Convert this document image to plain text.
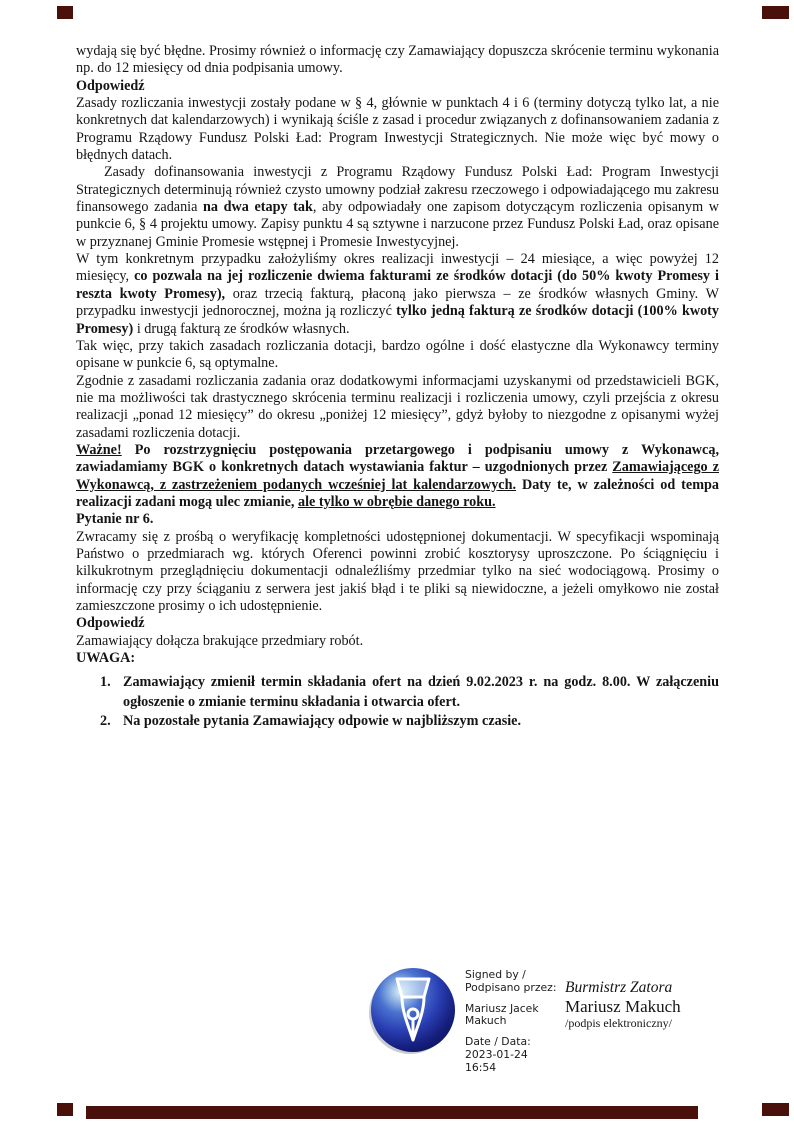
wydają się być błędne. Prosimy również o informację czy Zamawiający dopuszcza skrócenie terminu wykonania np. do 12 miesięcy od dnia podpisania umowy.

Odpowiedź

Zasady rozliczania inwestycji zostały podane w § 4, głównie w punktach 4 i 6 (terminy dotyczą tylko lat, a nie konkretnych dat kalendarzowych) i wynikają ściśle z zasad i procedur związanych z dofinansowaniem zadania z Programu Rządowy Fundusz Polski Ład: Program Inwestycji Strategicznych. Nie może więc być mowy o błędnych datach.

Zasady dofinansowania inwestycji z Programu Rządowy Fundusz Polski Ład: Program Inwestycji Strategicznych determinują również czysto umowny podział zakresu rzeczowego i odpowiadającego mu zakresu finansowego zadania na dwa etapy tak, aby odpowiadały one zapisom dotyczącym rozliczenia opisanym w punkcie 6, § 4 projektu umowy. Zapisy punktu 4 są sztywne i narzucone przez Fundusz Polski Ład, oraz opisane w przyznanej Gminie Promesie wstępnej i Promesie Inwestycyjnej.

W tym konkretnym przypadku założyliśmy okres realizacji inwestycji – 24 miesiące, a więc powyżej 12 miesięcy, co pozwala na jej rozliczenie dwiema fakturami ze środków dotacji (do 50% kwoty Promesy i reszta kwoty Promesy), oraz trzecią fakturą, płaconą jako pierwsza – ze środków własnych Gminy. W przypadku inwestycji jednorocznej, można ją rozliczyć tylko jedną fakturą ze środków dotacji (100% kwoty Promesy) i drugą fakturą ze środków własnych.

Tak więc, przy takich zasadach rozliczania dotacji, bardzo ogólne i dość elastyczne dla Wykonawcy terminy opisane w punkcie 6, są optymalne.

Zgodnie z zasadami rozliczania zadania oraz dodatkowymi informacjami uzyskanymi od przedstawicieli BGK, nie ma możliwości tak drastycznego skrócenia terminu realizacji i rozliczenia umowy, czyli przejścia z okresu realizacji „ponad 12 miesięcy” do okresu „poniżej 12 miesięcy”, gdyż byłoby to niezgodne z opisanymi wyżej zasadami rozliczenia dotacji.

Ważne! Po rozstrzygnięciu postępowania przetargowego i podpisaniu umowy z Wykonawcą, zawiadamiamy BGK o konkretnych datach wystawiania faktur – uzgodnionych przez Zamawiającego z Wykonawcą, z zastrzeżeniem podanych wcześniej lat kalendarzowych. Daty te, w zależności od tempa realizacji zadani mogą ulec zmianie, ale tylko w obrębie danego roku.

Pytanie nr 6.

Zwracamy się z prośbą o weryfikację kompletności udostępnionej dokumentacji. W specyfikacji wspominają Państwo o przedmiarach wg. których Oferenci powinni zrobić kosztorysy uproszczone. Po ściągnięciu i kilkukrotnym przeglądnięciu dokumentacji odnaleźliśmy przedmiar tylko na sieć wodociągową. Prosimy o informację czy przy ściąganiu z serwera jest jakiś błąd i te pliki są niewidoczne, a jeżeli omyłkowo nie został zamieszczone prosimy o ich udostępnienie.

Odpowiedź

Zamawiający dołącza brakujące przedmiary robót.

UWAGA:

1. Zamawiający zmienił termin składania ofert na dzień 9.02.2023 r. na godz. 8.00. W załączeniu ogłoszenie o zmianie terminu składania i otwarcia ofert.
2. Na pozostałe pytania Zamawiający odpowie w najbliższym czasie.
Signed by /
Podpisano przez:
Mariusz Jacek
Makuch
Date / Data:
2023-01-24 16:54
Burmistrz Zatora
Mariusz Makuch
/podpis elektroniczny/
